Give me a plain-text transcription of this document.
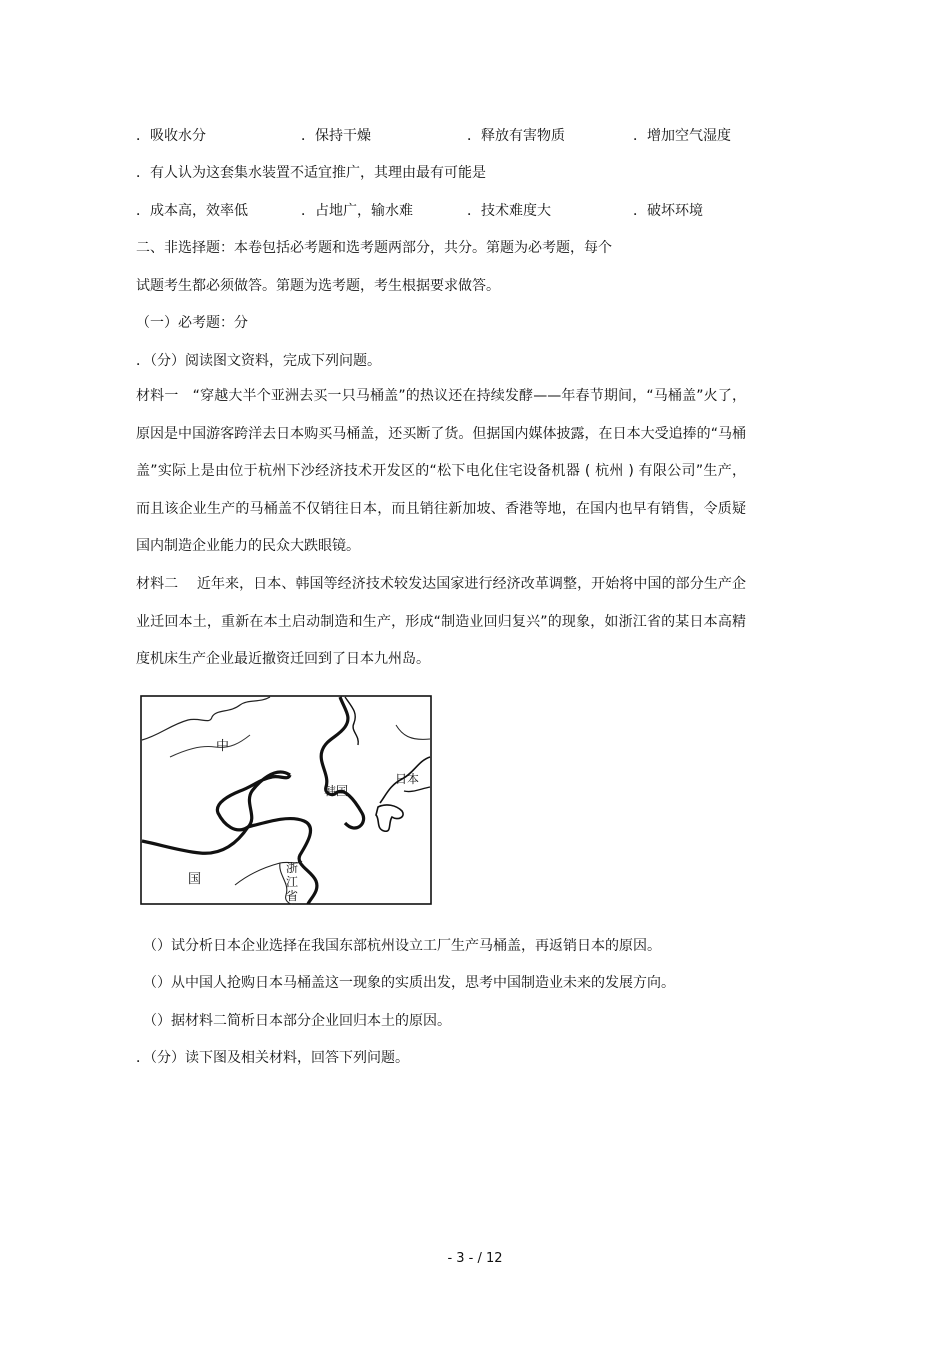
．吸收水分	．保持干燥	．释放有害物质	．增加空气湿度
．有人认为这套集水装置不适宜推广，其理由最有可能是
．成本高，效率低	．占地广，输水难	．技术难度大	．破坏环境
二、非选择题：本卷包括必考题和选考题两部分，共分。第题为必考题，每个
试题考生都必须做答。第题为选考题，考生根据要求做答。
（一）必考题：分
．（分）阅读图文资料，完成下列问题。
材料一　“穿越大半个亚洲去买一只马桶盖”的热议还在持续发酵——年春节期间，“马桶盖”火了，原因是中国游客跨洋去日本购买马桶盖，还买断了货。但据国内媒体披露，在日本大受追捧的“马桶盖”实际上是由位于杭州下沙经济技术开发区的“松下电化住宅设备机器 ( 杭州 ) 有限公司”生产，而且该企业生产的马桶盖不仅销往日本，而且销往新加坡、香港等地，在国内也早有销售，令质疑国内制造企业能力的民众大跌眼镜。
材料二　 近年来，日本、韩国等经济技术较发达国家进行经济改革调整，开始将中国的部分生产企业迁回本土，重新在本土启动制造和生产，形成“制造业回归复兴”的现象，如浙江省的某日本高精度机床生产企业最近撤资迁回到了日本九州岛。
中
国
韩国
日本
浙
江
省
（）试分析日本企业选择在我国东部杭州设立工厂生产马桶盖，再返销日本的原因。
（）从中国人抢购日本马桶盖这一现象的实质出发，思考中国制造业未来的发展方向。
（）据材料二简析日本部分企业回归本土的原因。
．（分）读下图及相关材料，回答下列问题。
- 3 - / 12
